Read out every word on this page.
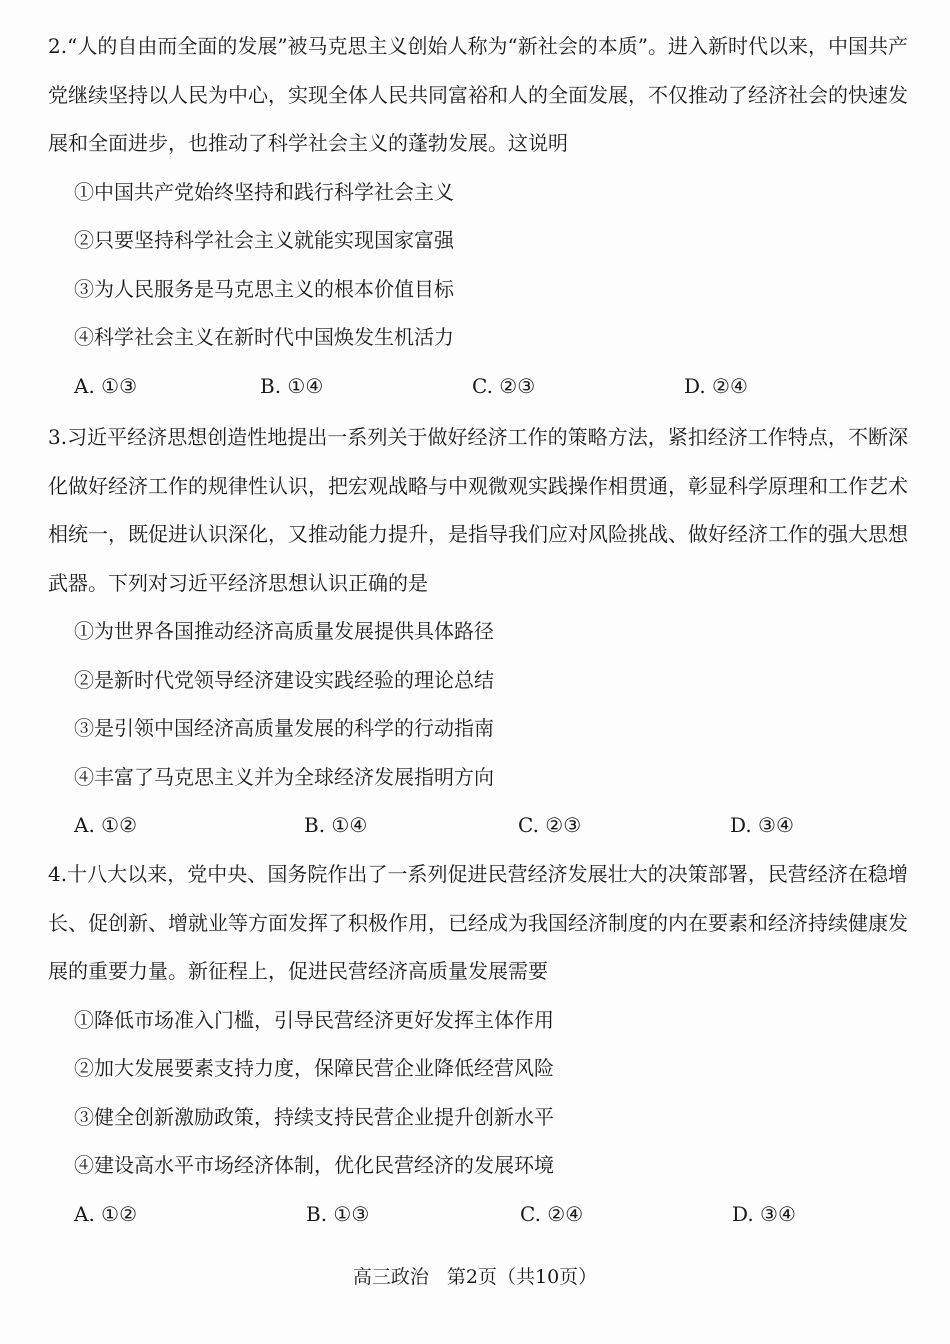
2.“人的自由而全面的发展”被马克思主义创始人称为“新社会的本质”。进入新时代以来，中国共产党继续坚持以人民为中心，实现全体人民共同富裕和人的全面发展，不仅推动了经济社会的快速发展和全面进步，也推动了科学社会主义的蓬勃发展。这说明

①中国共产党始终坚持和践行科学社会主义

②只要坚持科学社会主义就能实现国家富强

③为人民服务是马克思主义的根本价值目标

④科学社会主义在新时代中国焕发生机活力

A. ①③	B. ①④	C. ②③	D. ②④

3.习近平经济思想创造性地提出一系列关于做好经济工作的策略方法，紧扣经济工作特点，不断深化做好经济工作的规律性认识，把宏观战略与中观微观实践操作相贯通，彰显科学原理和工作艺术相统一，既促进认识深化，又推动能力提升，是指导我们应对风险挑战、做好经济工作的强大思想武器。下列对习近平经济思想认识正确的是

①为世界各国推动经济高质量发展提供具体路径

②是新时代党领导经济建设实践经验的理论总结

③是引领中国经济高质量发展的科学的行动指南

④丰富了马克思主义并为全球经济发展指明方向

A. ①②	B. ①④	C. ②③	D. ③④

4.十八大以来，党中央、国务院作出了一系列促进民营经济发展壮大的决策部署，民营经济在稳增长、促创新、增就业等方面发挥了积极作用，已经成为我国经济制度的内在要素和经济持续健康发展的重要力量。新征程上，促进民营经济高质量发展需要

①降低市场准入门槛，引导民营经济更好发挥主体作用

②加大发展要素支持力度，保障民营企业降低经营风险

③健全创新激励政策，持续支持民营企业提升创新水平

④建设高水平市场经济体制，优化民营经济的发展环境

A. ①②	B. ①③	C. ②④	D. ③④
高三政治 第2页（共10页）
